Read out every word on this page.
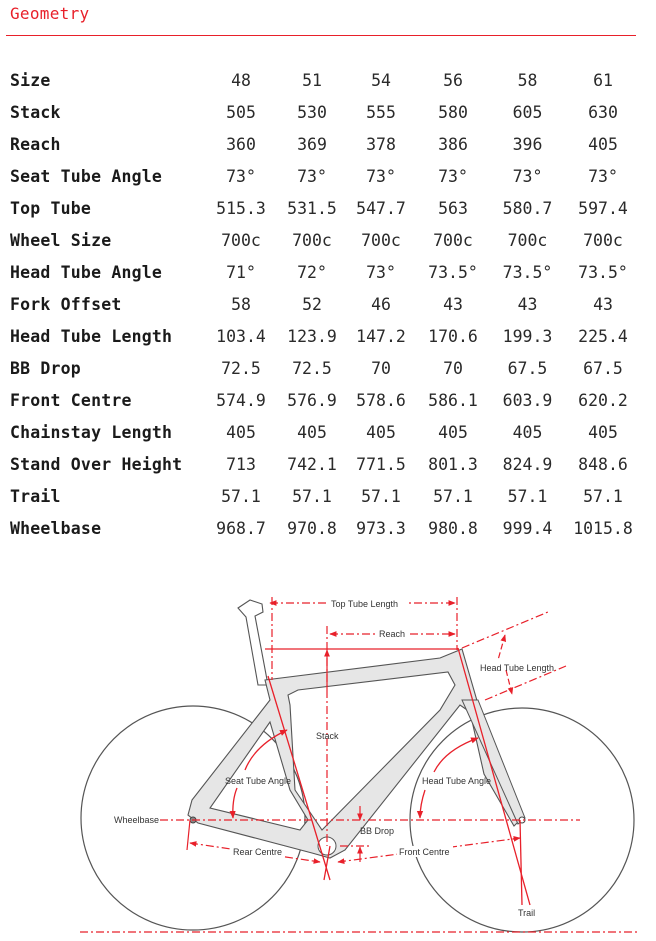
Geometry
Size	48	51	54	56	58	61
Stack	505	530	555	580	605	630
Reach	360	369	378	386	396	405
Seat Tube Angle	73°	73°	73°	73°	73°	73°
Top Tube	515.3	531.5	547.7	563	580.7	597.4
Wheel Size	700c	700c	700c	700c	700c	700c
Head Tube Angle	71°	72°	73°	73.5°	73.5°	73.5°
Fork Offset	58	52	46	43	43	43
Head Tube Length	103.4	123.9	147.2	170.6	199.3	225.4
BB Drop	72.5	72.5	70	70	67.5	67.5
Front Centre	574.9	576.9	578.6	586.1	603.9	620.2
Chainstay Length	405	405	405	405	405	405
Stand Over Height	713	742.1	771.5	801.3	824.9	848.6
Trail	57.1	57.1	57.1	57.1	57.1	57.1
Wheelbase	968.7	970.8	973.3	980.8	999.4	1015.8
Top Tube Length
Reach
Head Tube Length
Stack
Seat Tube Angle	Head Tube Angle
Wheelbase
BB Drop
Rear Centre	Front Centre
Trail
